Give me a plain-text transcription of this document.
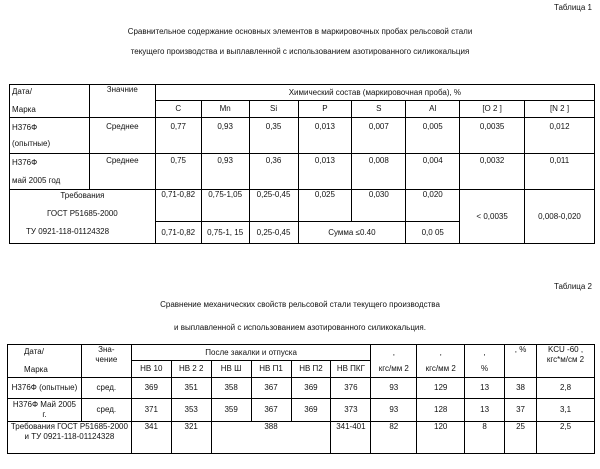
Таблица 1
Сравнительное содержание основных элементов в маркировочных пробах рельсовой стали
текущего производства и выплавленной с использованием азотированного силикокальция
Дата/
Марка	Значние	Химический состав (маркировочная проба), %							
		C	Mn	Si	P	S	Al	[O 2 ]	[N 2 ]

Н376Ф
(опытные)	Среднее	0,77	0,93	0,35	0,013	0,007	0,005	0,0035	0,012

Н376Ф
май 2005 год	Среднее	0,75	0,93	0,36	0,013	0,008	0,004	0,0032	0,011

Требования
ГОСТ Р51685-2000		0,71-0,82	0,75-1,05	0,25-0,45	0,025	0,030	0,020	< 0,0035	0,008-0,020
ТУ 0921-118-01124328		0,71-0,82	0,75-1, 15	0,25-0,45	Сумма ≤0.40		0,0 05		
Таблица 2
Сравнение механических свойств рельсовой стали текущего производства
и выплавленной с использованием азотированного силикокальция.
Дата/
Марка	Зна-
чение	После закалки и отпуска						,
кгс/мм 2	,
кгс/мм 2	,
%	, %	KCU -60 ,
кгс*м/см 2

		НВ 10	НВ 2 2	НВ Ш	НВ П1	НВ П2	НВ ПКГ					
Н376Ф (опытные)	сред.	369	351	358	367	369	376	93	129	13	38	2,8
Н376Ф Май 2005 г.	сред.	371	353	359	367	369	373	93	128	13	37	3,1
Требования ГОСТ Р51685-2000 и ТУ 0921-118-01124328		341	321	388			341-401	82	120	8	25	2,5
